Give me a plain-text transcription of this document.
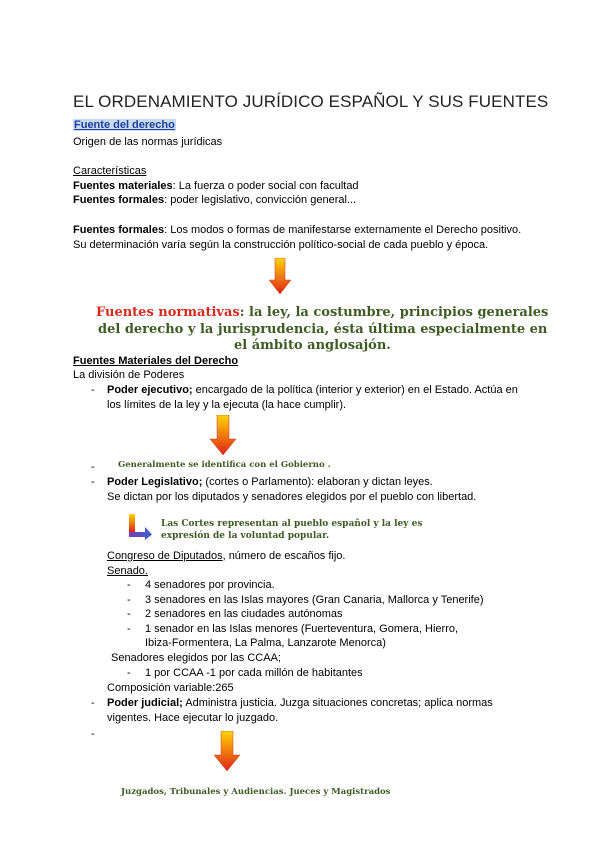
EL ORDENAMIENTO JURÍDICO ESPAÑOL Y SUS FUENTES
Fuente del derecho
Origen de las normas jurídicas
Características
Fuentes materiales: La fuerza o poder social con facultad
Fuentes formales: poder legislativo, convicción general...
Fuentes formales: Los modos o formas de manifestarse externamente el Derecho positivo.
Su determinación varía según la construcción político-social de cada pueblo y época.
Fuentes normativas: la ley, la costumbre, principios generales
del derecho y la jurisprudencia, ésta última especialmente en
el ámbito anglosajón.
Fuentes Materiales del Derecho
La división de Poderes
- Poder ejecutivo; encargado de la política (interior y exterior) en el Estado. Actúa en
los límites de la ley y la ejecuta (la hace cumplir).
-	Generalmente se identifica con el Gobierno .
- Poder Legislativo; (cortes o Parlamento): elaboran y dictan leyes.
Se dictan por los diputados y senadores elegidos por el pueblo con libertad.
Las Cortes representan al pueblo español y la ley es
expresión de la voluntad popular.
Congreso de Diputados, número de escaños fijo.
Senado.
- 4 senadores por provincia.
- 3 senadores en las Islas mayores (Gran Canaria, Mallorca y Tenerife)
- 2 senadores en las ciudades autónomas
- 1 senador en las Islas menores (Fuerteventura, Gomera, Hierro,
Ibiza-Formentera, La Palma, Lanzarote Menorca)
Senadores elegidos por las CCAA;
- 1 por CCAA -1 por cada millón de habitantes
Composición variable:265
- Poder judicial; Administra justicia. Juzga situaciones concretas; aplica normas
vigentes. Hace ejecutar lo juzgado.
-
Juzgados, Tribunales y Audiencias. Jueces y Magistrados
